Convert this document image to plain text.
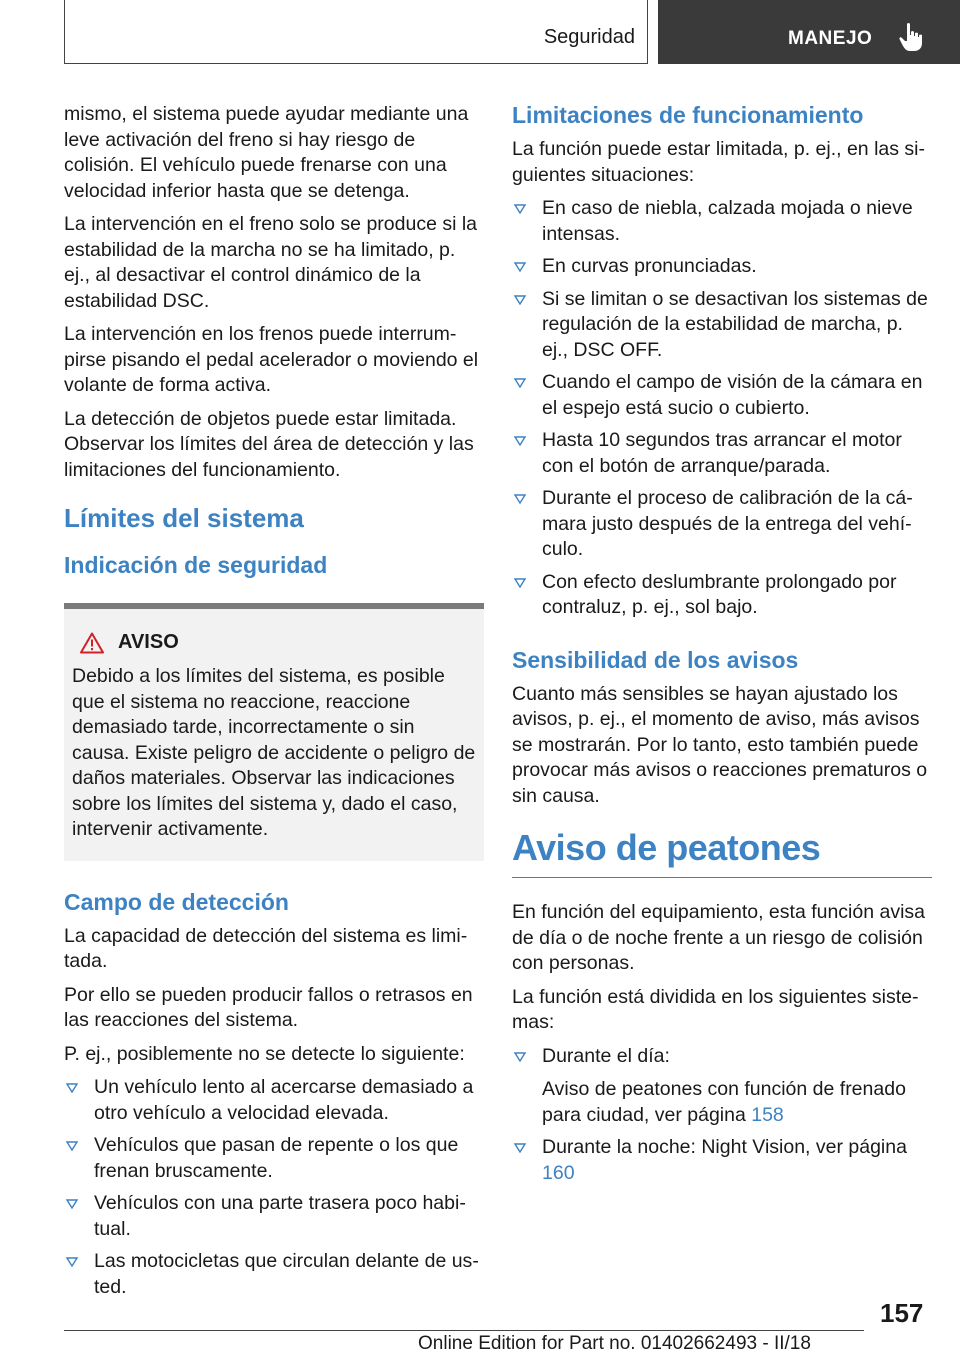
Seguridad	MANEJO

mismo, el sistema puede ayudar mediante una leve activación del freno si hay riesgo de colisión. El vehículo puede frenarse con una velocidad inferior hasta que se detenga.

La intervención en el freno solo se produce si la estabilidad de la marcha no se ha limitado, p. ej., al desactivar el control dinámico de la estabilidad DSC.

La intervención en los frenos puede interrumpirse pisando el pedal acelerador o moviendo el volante de forma activa.

La detección de objetos puede estar limitada. Observar los límites del área de detección y las limitaciones del funcionamiento.

Límites del sistema
Indicación de seguridad
AVISO

Debido a los límites del sistema, es posible que el sistema no reaccione, reaccione demasiado tarde, incorrectamente o sin causa. Existe peligro de accidente o peligro de daños materiales. Observar las indicaciones sobre los límites del sistema y, dado el caso, intervenir activamente.

Campo de detección

La capacidad de detección del sistema es limitada.

Por ello se pueden producir fallos o retrasos en las reacciones del sistema.

P. ej., posiblemente no se detecte lo siguiente:

Un vehículo lento al acercarse demasiado a otro vehículo a velocidad elevada.
Vehículos que pasan de repente o los que frenan bruscamente.
Vehículos con una parte trasera poco habitual.
Las motocicletas que circulan delante de usted.
Limitaciones de funcionamiento

La función puede estar limitada, p. ej., en las siguientes situaciones:

En caso de niebla, calzada mojada o nieve intensas.
En curvas pronunciadas.
Si se limitan o se desactivan los sistemas de regulación de la estabilidad de marcha, p. ej., DSC OFF.
Cuando el campo de visión de la cámara en el espejo está sucio o cubierto.
Hasta 10 segundos tras arrancar el motor con el botón de arranque/parada.
Durante el proceso de calibración de la cámara justo después de la entrega del vehículo.
Con efecto deslumbrante prolongado por contraluz, p. ej., sol bajo.
Sensibilidad de los avisos

Cuanto más sensibles se hayan ajustado los avisos, p. ej., el momento de aviso, más avisos se mostrarán. Por lo tanto, esto también puede provocar más avisos o reacciones prematuros o sin causa.

Aviso de peatones

En función del equipamiento, esta función avisa de día o de noche frente a un riesgo de colisión con personas.

La función está dividida en los siguientes sistemas:

Durante el día:
Aviso de peatones con función de frenado para ciudad, ver página 158
Durante la noche: Night Vision, ver página 160
157
Online Edition for Part no. 01402662493 - II/18
